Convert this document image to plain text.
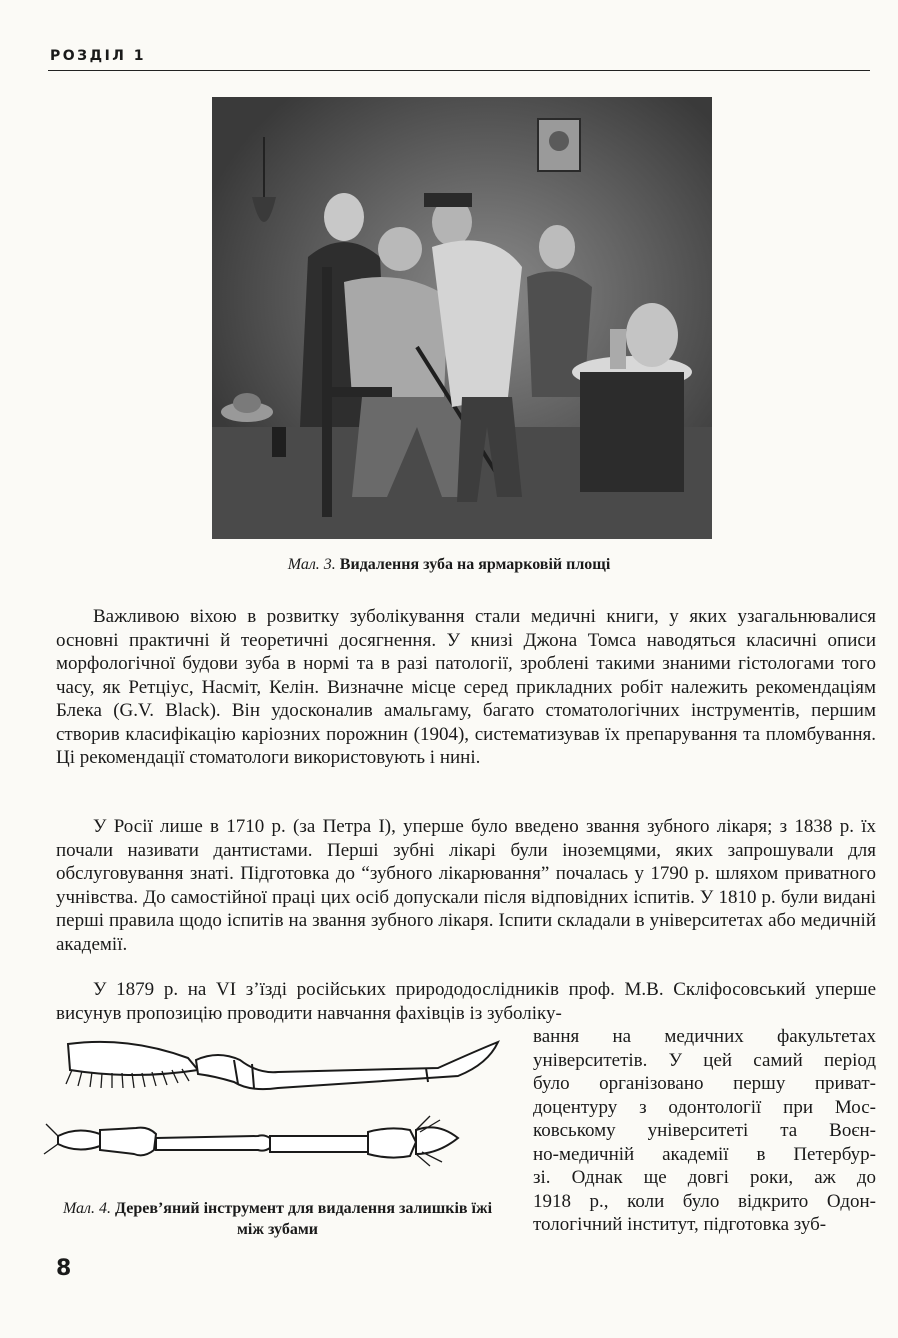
РОЗДІЛ 1
Мал. 3. Видалення зуба на ярмарковій площі

Важливою віхою в розвитку зуболікування стали медичні книги, у яких узагальнювалися основні практичні й теоретичні досягнення. У книзі Джона Томса наводяться класичні описи морфологічної будови зуба в нормі та в разі патології, зроблені такими знаними гістологами того часу, як Ретціус, Насміт, Келін. Визначне місце серед прикладних робіт належить рекомендаціям Блека (G.V. Black). Він удосконалив амальгаму, багато стоматологічних інструментів, першим створив класифікацію каріозних порожнин (1904), систематизував їх препарування та пломбування. Ці рекомендації стоматологи використовують і нині.

У Росії лише в 1710 р. (за Петра І), уперше було введено звання зубного лікаря; з 1838 р. їх почали називати дантистами. Перші зубні лікарі були іноземцями, яких запрошували для обслуговування знаті. Підготовка до “зубного лікарювання” почалась у 1790 р. шляхом приватного учнівства. До самостійної праці цих осіб допускали після відповідних іспитів. У 1810 р. були видані перші правила щодо іспитів на звання зубного лікаря. Іспити складали в університетах або медичній академії.

У 1879 р. на VI з’їзді російських природодослідників проф. М.В. Скліфосовський уперше висунув пропозицію проводити навчання фахівців із зуболіку-

вання на медичних факультетах
університетів. У цей самий період
було організовано першу приват-
доцентуру з одонтології при Мос-
ковському університеті та Воєн-
но-медичній академії в Петербур-
зі. Однак ще довгі роки, аж до
1918 р., коли було відкрито Одон-
тологічний інститут, підготовка зуб-
Мал. 4. Дерев’яний інструмент для видалення залишків їжі між зубами
8
